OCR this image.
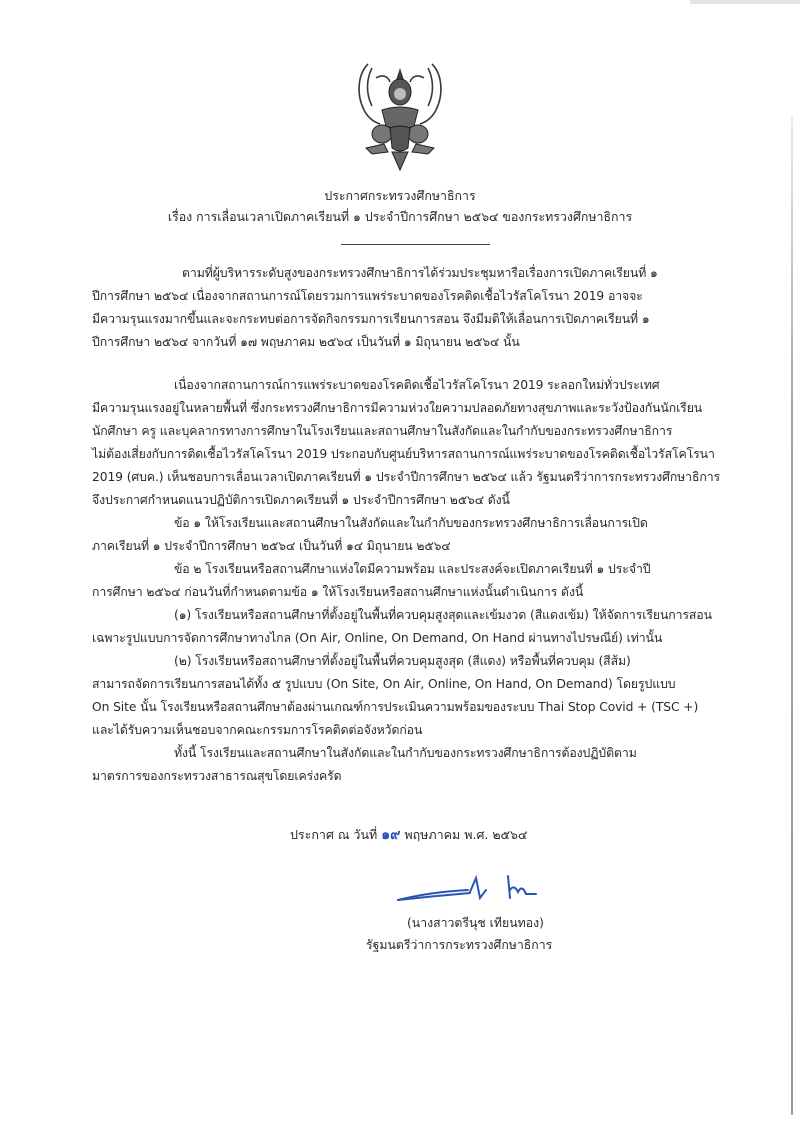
ประกาศกระทรวงศึกษาธิการ
เรื่อง การเลื่อนเวลาเปิดภาคเรียนที่ ๑ ประจำปีการศึกษา ๒๕๖๔ ของกระทรวงศึกษาธิการ
ตามที่ผู้บริหารระดับสูงของกระทรวงศึกษาธิการได้ร่วมประชุมหารือเรื่องการเปิดภาคเรียนที่ ๑
ปีการศึกษา ๒๕๖๔ เนื่องจากสถานการณ์โดยรวมการแพร่ระบาดของโรคติดเชื้อไวรัสโคโรนา 2019 อาจจะ
มีความรุนแรงมากขึ้นและจะกระทบต่อการจัดกิจกรรมการเรียนการสอน จึงมีมติให้เลื่อนการเปิดภาคเรียนที่ ๑
ปีการศึกษา ๒๕๖๔ จากวันที่ ๑๗ พฤษภาคม ๒๕๖๔ เป็นวันที่ ๑ มิถุนายน ๒๕๖๔ นั้น
เนื่องจากสถานการณ์การแพร่ระบาดของโรคติดเชื้อไวรัสโคโรนา 2019 ระลอกใหม่ทั่วประเทศ
มีความรุนแรงอยู่ในหลายพื้นที่ ซึ่งกระทรวงศึกษาธิการมีความห่วงใยความปลอดภัยทางสุขภาพและระวังป้องกันนักเรียน
นักศึกษา ครู และบุคลากรทางการศึกษาในโรงเรียนและสถานศึกษาในสังกัดและในกำกับของกระทรวงศึกษาธิการ
ไม่ต้องเสี่ยงกับการติดเชื้อไวรัสโคโรนา 2019 ประกอบกับศูนย์บริหารสถานการณ์แพร่ระบาดของโรคติดเชื้อไวรัสโคโรนา
2019 (ศบค.) เห็นชอบการเลื่อนเวลาเปิดภาคเรียนที่ ๑ ประจำปีการศึกษา ๒๕๖๔ แล้ว รัฐมนตรีว่าการกระทรวงศึกษาธิการ
จึงประกาศกำหนดแนวปฏิบัติการเปิดภาคเรียนที่ ๑ ประจำปีการศึกษา ๒๕๖๔ ดังนี้
ข้อ ๑ ให้โรงเรียนและสถานศึกษาในสังกัดและในกำกับของกระทรวงศึกษาธิการเลื่อนการเปิด
ภาคเรียนที่ ๑ ประจำปีการศึกษา ๒๕๖๔ เป็นวันที่ ๑๔ มิถุนายน ๒๕๖๔
ข้อ ๒ โรงเรียนหรือสถานศึกษาแห่งใดมีความพร้อม และประสงค์จะเปิดภาคเรียนที่ ๑ ประจำปี
การศึกษา ๒๕๖๔ ก่อนวันที่กำหนดตามข้อ ๑ ให้โรงเรียนหรือสถานศึกษาแห่งนั้นดำเนินการ ดังนี้
(๑) โรงเรียนหรือสถานศึกษาที่ตั้งอยู่ในพื้นที่ควบคุมสูงสุดและเข้มงวด (สีแดงเข้ม) ให้จัดการเรียนการสอน
เฉพาะรูปแบบการจัดการศึกษาทางไกล (On Air, Online, On Demand, On Hand ผ่านทางไปรษณีย์) เท่านั้น
(๒) โรงเรียนหรือสถานศึกษาที่ตั้งอยู่ในพื้นที่ควบคุมสูงสุด (สีแดง) หรือพื้นที่ควบคุม (สีส้ม)
สามารถจัดการเรียนการสอนได้ทั้ง ๕ รูปแบบ (On Site, On Air, Online, On Hand, On Demand) โดยรูปแบบ
On Site นั้น โรงเรียนหรือสถานศึกษาต้องผ่านเกณฑ์การประเมินความพร้อมของระบบ Thai Stop Covid + (TSC +)
และได้รับความเห็นชอบจากคณะกรรมการโรคติดต่อจังหวัดก่อน
ทั้งนี้ โรงเรียนและสถานศึกษาในสังกัดและในกำกับของกระทรวงศึกษาธิการต้องปฏิบัติตาม
มาตรการของกระทรวงสาธารณสุขโดยเคร่งครัด
ประกาศ ณ วันที่ ๑๙ พฤษภาคม พ.ศ. ๒๕๖๔
(นางสาวตรีนุช เทียนทอง)
รัฐมนตรีว่าการกระทรวงศึกษาธิการ
